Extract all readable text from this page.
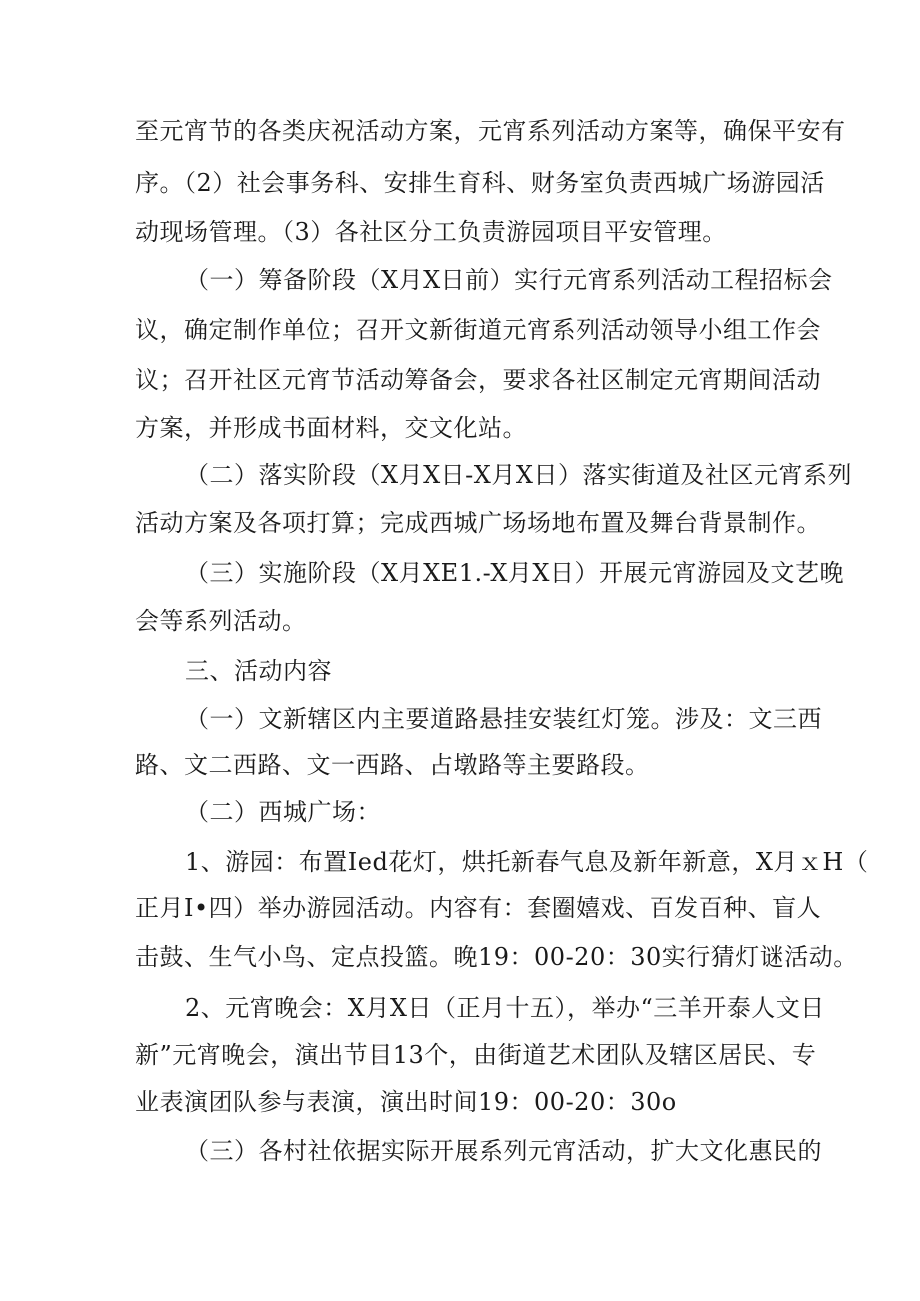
至元宵节的各类庆祝活动方案，元宵系列活动方案等，确保平安有
序。（2）社会事务科、安排生育科、财务室负责西城广场游园活
动现场管理。（3）各社区分工负责游园项目平安管理。
（一）筹备阶段（X月X日前）实行元宵系列活动工程招标会
议，确定制作单位；召开文新街道元宵系列活动领导小组工作会
议；召开社区元宵节活动筹备会，要求各社区制定元宵期间活动
方案，并形成书面材料，交文化站。
（二）落实阶段（X月X日-X月X日）落实街道及社区元宵系列
活动方案及各项打算；完成西城广场场地布置及舞台背景制作。
（三）实施阶段（X月XE1.-X月X日）开展元宵游园及文艺晚
会等系列活动。
三、活动内容
（一）文新辖区内主要道路悬挂安装红灯笼。涉及：文三西
路、文二西路、文一西路、占墩路等主要路段。
（二）西城广场：
1、游园：布置Ied花灯，烘托新春气息及新年新意，X月ｘH（
正月I•四）举办游园活动。内容有：套圈嬉戏、百发百种、盲人
击鼓、生气小鸟、定点投篮。晚19：00-20：30实行猜灯谜活动。
2、元宵晚会：X月X日（正月十五），举办“三羊开泰人文日
新”元宵晚会，演出节目13个，由街道艺术团队及辖区居民、专
业表演团队参与表演，演出时间19：00-20：30o
（三）各村社依据实际开展系列元宵活动，扩大文化惠民的
